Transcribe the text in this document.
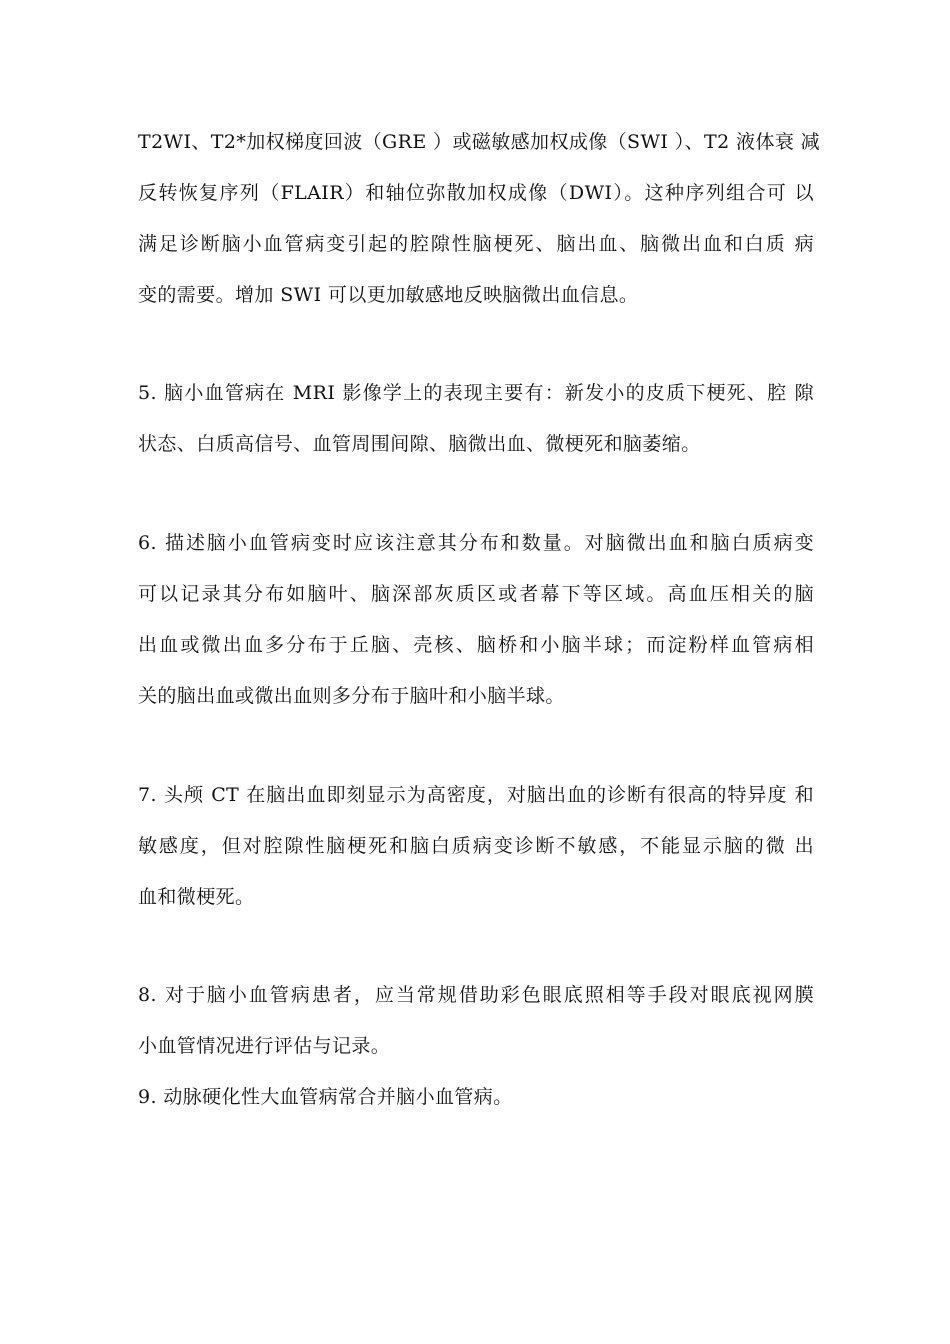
T2WI、T2*加权梯度回波（GRE ）或磁敏感加权成像（SWI ）、T2 液体衰 减
反转恢复序列（FLAIR）和轴位弥散加权成像（DWI）。这种序列组合可 以
满足诊断脑小血管病变引起的腔隙性脑梗死、脑出血、脑微出血和白质 病
变的需要。增加 SWI 可以更加敏感地反映脑微出血信息。

5. 脑小血管病在 MRI 影像学上的表现主要有：新发小的皮质下梗死、腔 隙
状态、白质高信号、血管周围间隙、脑微出血、微梗死和脑萎缩。

6. 描述脑小血管病变时应该注意其分布和数量。对脑微出血和脑白质病变
可以记录其分布如脑叶、脑深部灰质区或者幕下等区域。高血压相关的脑
出血或微出血多分布于丘脑、壳核、脑桥和小脑半球；而淀粉样血管病相
关的脑出血或微出血则多分布于脑叶和小脑半球。

7. 头颅 CT 在脑出血即刻显示为高密度，对脑出血的诊断有很高的特异度 和
敏感度，但对腔隙性脑梗死和脑白质病变诊断不敏感，不能显示脑的微 出
血和微梗死。

8. 对于脑小血管病患者，应当常规借助彩色眼底照相等手段对眼底视网膜
小血管情况进行评估与记录。

9. 动脉硬化性大血管病常合并脑小血管病。
